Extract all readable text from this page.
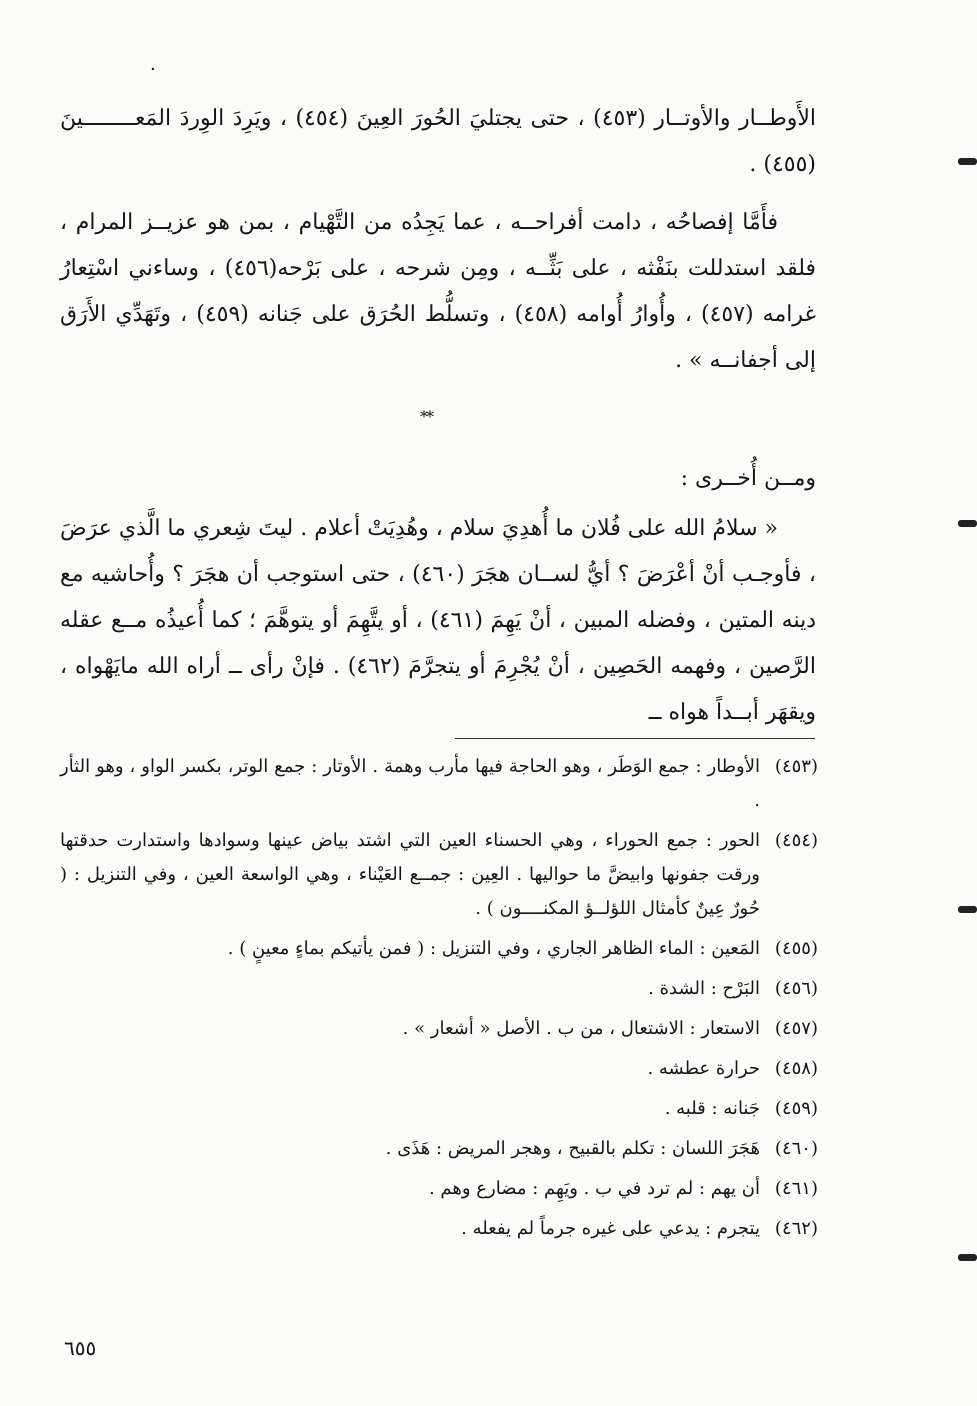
٠

الأَوطــار والأوتــار (٤٥٣) ، حتى يجتليَ الحُورَ العِينَ (٤٥٤) ، ويَرِدَ الوِردَ المَعــــــــينَ (٤٥٥) .

فأَمَّا إفصاحُه ، دامت أفراحــه ، عما يَجِدُه من التَّهْيام ، بمن هو عزيــز المرام ، فلقد استدللت بنَفْثه ، على بَثِّــه ، ومِن شرحه ، على بَرْحه(٤٥٦) ، وساءني اسْتِعارُ غرامه (٤٥٧) ، وأُوارُ أُوامه (٤٥٨) ، وتسلُّط الحُرَق على جَنانه (٤٥٩) ، وتَهَدِّي الأَرَق إلى أجفانــه » .

⁎⁎

ومــن أُخــرى :

« سلامُ الله على فُلان ما أُهدِيَ سلام ، وهُدِيَتْ أعلام . ليتَ شِعري ما الَّذي عرَضَ ، فأوجـب أنْ أعْرَضَ ؟ أيُّ لســان هجَرَ (٤٦٠) ، حتى استوجب أن هجَرَ ؟ وأُحاشيه مع دينه المتين ، وفضله المبين ، أنْ يَهِمَ (٤٦١) ، أو يتَّهِمَ أو يتوهَّمَ ؛ كما أُعيذُه مــع عقله الرَّصين ، وفهمه الحَصِين ، أنْ يُجْرِمَ أو يتجرَّمَ (٤٦٢) . فإنْ رأى ــ أراه الله مايَهْواه ، ويقهَر أبــداً هواه ــ

(٤٥٣)
الأوطار : جمع الوَطَر ، وهو الحاجة فيها مأرب وهمة . الأوتار : جمع الوتر، بكسر الواو ، وهو الثأر .
(٤٥٤)
الحور : جمع الحوراء ، وهي الحسناء العين التي اشتد بياض عينها وسوادها واستدارت حدقتها ورقت جفونها وابيضَّ ما حواليها . العِين : جمــع العَيْناء ، وهي الواسعة العين ، وفي التنزيل : ( حُورٌ عِينٌ كأمثال اللؤلــؤ المكنــــون ) .
(٤٥٥)
المَعين : الماء الظاهر الجاري ، وفي التنزيل : ( فمن يأتيكم بماءٍ معينٍ ) .
(٤٥٦)
البَرْح : الشدة .
(٤٥٧)
الاستعار : الاشتعال ، من ب . الأصل « أشعار » .
(٤٥٨)
حرارة عطشه .
(٤٥٩)
جَنانه : قلبه .
(٤٦٠)
هَجَرَ اللسان : تكلم بالقبيح ، وهجر المريض : هَذَى .
(٤٦١)
أن يهم : لم ترد في ب . ويَهِم : مضارع وهم .
(٤٦٢)
يتجرم : يدعي على غيره جرماً لم يفعله .
٦٥٥
